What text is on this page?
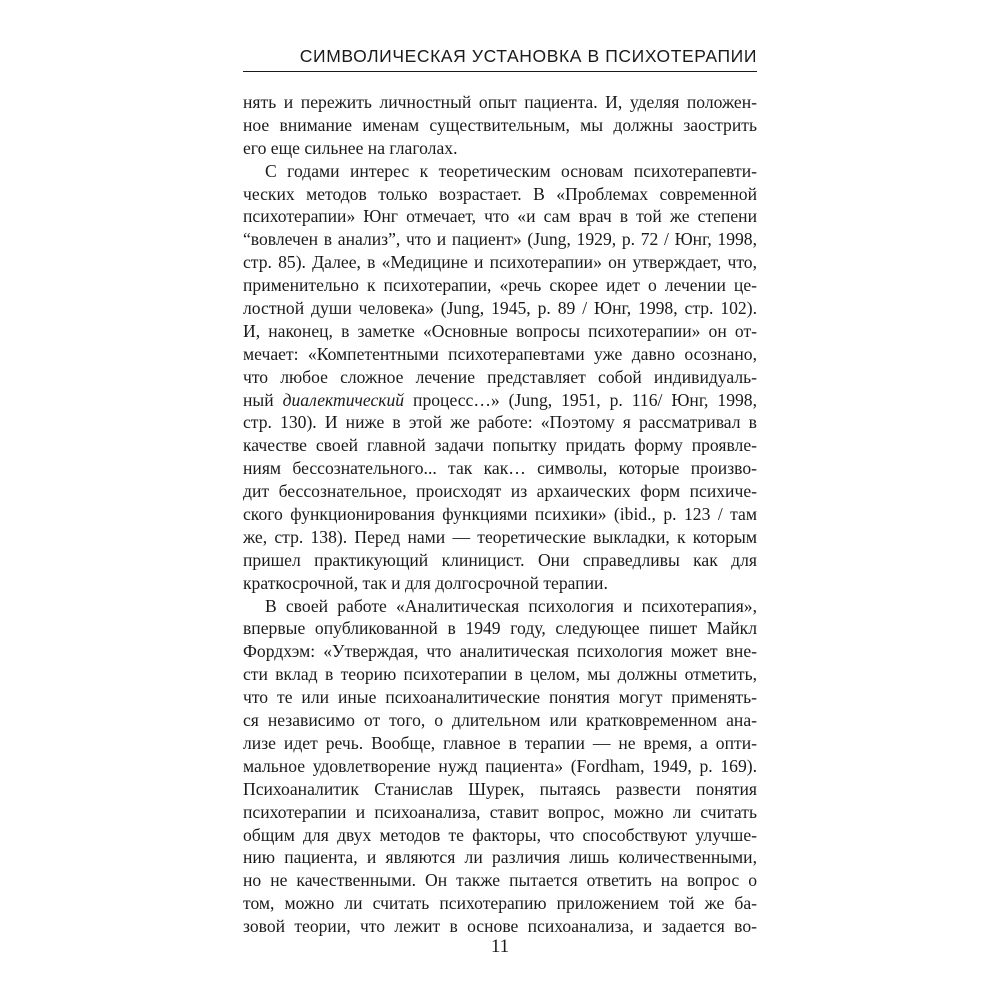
СИМВОЛИЧЕСКАЯ УСТАНОВКА В ПСИХОТЕРАПИИ
нять и пережить личностный опыт пациента. И, уделяя положен-
ное внимание именам существительным, мы должны заострить
его еще сильнее на глаголах.
С годами интерес к теоретическим основам психотерапевти-
ческих методов только возрастает. В «Проблемах современной
психотерапии» Юнг отмечает, что «и сам врач в той же степени
“вовлечен в анализ”, что и пациент» (Jung, 1929, p. 72 / Юнг, 1998,
стр. 85). Далее, в «Медицине и психотерапии» он утверждает, что,
применительно к психотерапии, «речь скорее идет о лечении це-
лостной души человека» (Jung, 1945, p. 89 / Юнг, 1998, стр. 102).
И, наконец, в заметке «Основные вопросы психотерапии» он от-
мечает: «Компетентными психотерапевтами уже давно осознано,
что любое сложное лечение представляет собой индивидуаль-
ный диалектический процесс…» (Jung, 1951, p. 116/ Юнг, 1998,
стр. 130). И ниже в этой же работе: «Поэтому я рассматривал в
качестве своей главной задачи попытку придать форму проявле-
ниям бессознательного... так как… символы, которые произво-
дит бессознательное, происходят из архаических форм психиче-
ского функционирования функциями психики» (ibid., p. 123 / там
же, стр. 138). Перед нами — теоретические выкладки, к которым
пришел практикующий клиницист. Они справедливы как для
краткосрочной, так и для долгосрочной терапии.
В своей работе «Аналитическая психология и психотерапия»,
впервые опубликованной в 1949 году, следующее пишет Майкл
Фордхэм: «Утверждая, что аналитическая психология может вне-
сти вклад в теорию психотерапии в целом, мы должны отметить,
что те или иные психоаналитические понятия могут применять-
ся независимо от того, о длительном или кратковременном ана-
лизе идет речь. Вообще, главное в терапии — не время, а опти-
мальное удовлетворение нужд пациента» (Fordham, 1949, p. 169).
Психоаналитик Станислав Шурек, пытаясь развести понятия
психотерапии и психоанализа, ставит вопрос, можно ли считать
общим для двух методов те факторы, что способствуют улучше-
нию пациента, и являются ли различия лишь количественными,
но не качественными. Он также пытается ответить на вопрос о
том, можно ли считать психотерапию приложением той же ба-
зовой теории, что лежит в основе психоанализа, и задается во-
11
